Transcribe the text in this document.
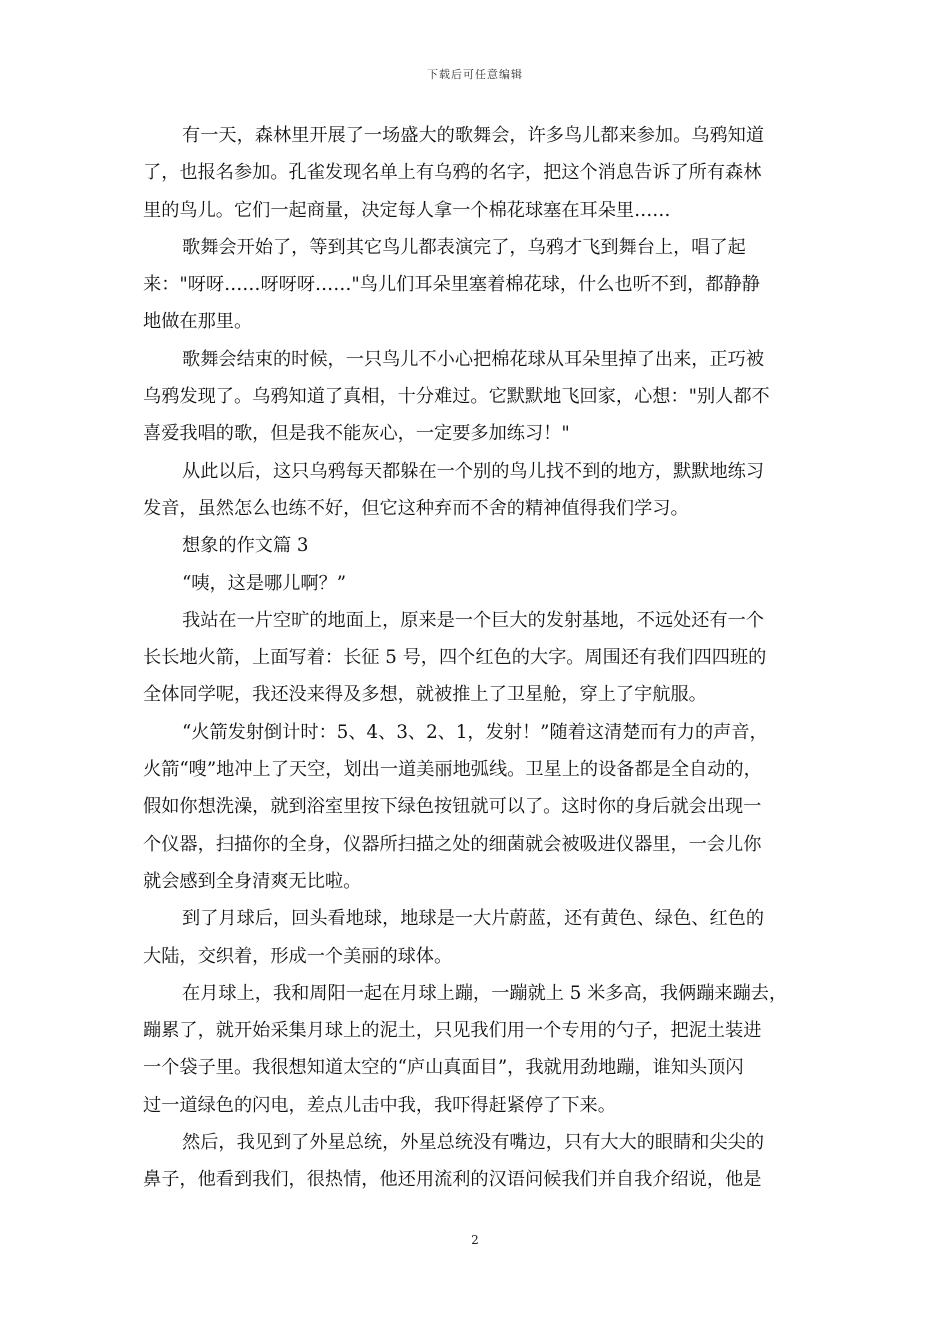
下载后可任意编辑
有一天，森林里开展了一场盛大的歌舞会，许多鸟儿都来参加。乌鸦知道
了，也报名参加。孔雀发现名单上有乌鸦的名字，把这个消息告诉了所有森林
里的鸟儿。它们一起商量，决定每人拿一个棉花球塞在耳朵里……
歌舞会开始了，等到其它鸟儿都表演完了，乌鸦才飞到舞台上，唱了起
来："呀呀……呀呀呀……"鸟儿们耳朵里塞着棉花球，什么也听不到，都静静
地做在那里。
歌舞会结束的时候，一只鸟儿不小心把棉花球从耳朵里掉了出来，正巧被
乌鸦发现了。乌鸦知道了真相，十分难过。它默默地飞回家，心想："别人都不
喜爱我唱的歌，但是我不能灰心，一定要多加练习！"
从此以后，这只乌鸦每天都躲在一个别的鸟儿找不到的地方，默默地练习
发音，虽然怎么也练不好，但它这种弃而不舍的精神值得我们学习。
想象的作文篇 3
“咦，这是哪儿啊？”
我站在一片空旷的地面上，原来是一个巨大的发射基地，不远处还有一个
长长地火箭，上面写着：长征 5 号，四个红色的大字。周围还有我们四四班的
全体同学呢，我还没来得及多想，就被推上了卫星舱，穿上了宇航服。
“火箭发射倒计时：5、4、3、2、1，发射！”随着这清楚而有力的声音，
火箭“嗖”地冲上了天空，划出一道美丽地弧线。卫星上的设备都是全自动的，
假如你想洗澡，就到浴室里按下绿色按钮就可以了。这时你的身后就会出现一
个仪器，扫描你的全身，仪器所扫描之处的细菌就会被吸进仪器里，一会儿你
就会感到全身清爽无比啦。
到了月球后，回头看地球，地球是一大片蔚蓝，还有黄色、绿色、红色的
大陆，交织着，形成一个美丽的球体。
在月球上，我和周阳一起在月球上蹦，一蹦就上 5 米多高，我俩蹦来蹦去，
蹦累了，就开始采集月球上的泥土，只见我们用一个专用的勺子，把泥土装进
一个袋子里。我很想知道太空的“庐山真面目”，我就用劲地蹦，谁知头顶闪
过一道绿色的闪电，差点儿击中我，我吓得赶紧停了下来。
然后，我见到了外星总统，外星总统没有嘴边，只有大大的眼睛和尖尖的
鼻子，他看到我们，很热情，他还用流利的汉语问候我们并自我介绍说，他是
2
